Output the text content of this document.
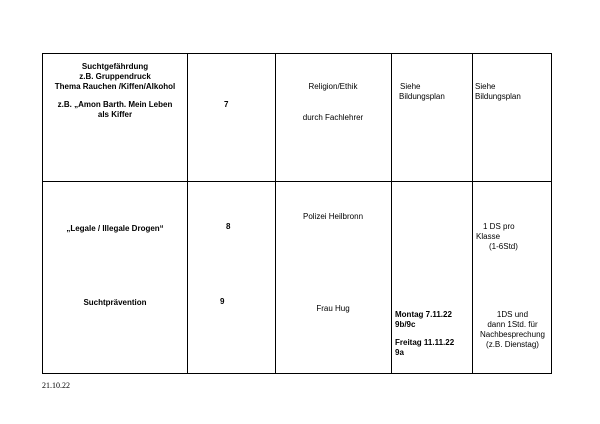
Suchtgefährdung
z.B. Gruppendruck
Thema Rauchen /Kiffen/Alkohol
z.B. „Amon Barth. Mein Leben
als Kiffer
7
Religion/Ethik
durch Fachlehrer
Siehe
Bildungsplan
Siehe
Bildungsplan
„Legale / Illegale Drogen“	8
Polizei Heilbronn
1 DS pro
Klasse
(1-6Std)
Suchtprävention	9
Frau Hug
Montag 7.11.22
9b/9c
Freitag 11.11.22
9a
1DS und
dann 1Std. für
Nachbesprechung
(z.B. Dienstag)
21.10.22
